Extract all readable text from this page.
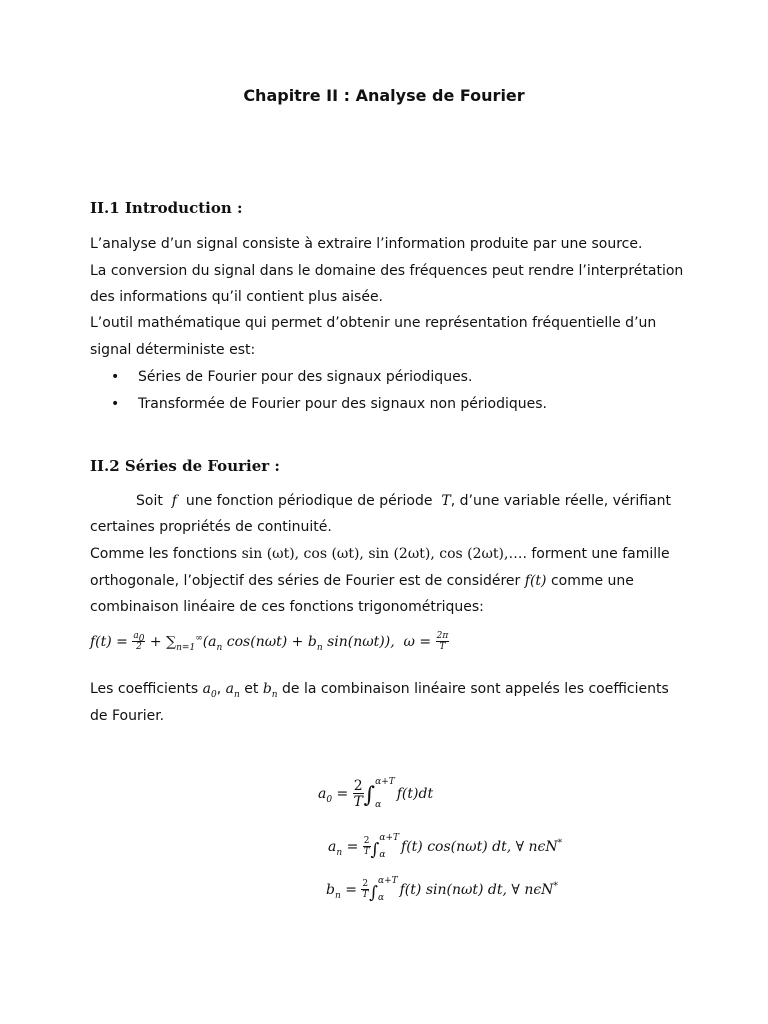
Chapitre II : Analyse de Fourier
II.1 Introduction :
L’analyse d’un signal consiste à extraire l’information produite par une source.
La conversion du signal dans le domaine des fréquences peut rendre l’interprétation
des informations qu’il contient plus aisée.
L’outil mathématique qui permet d’obtenir une représentation fréquentielle d’un
signal déterministe est:
• Séries de Fourier pour des signaux périodiques.
• Transformée de Fourier pour des signaux non périodiques.
II.2 Séries de Fourier :
Soit f une fonction périodique de période T, d’une variable réelle, vérifiant
certaines propriétés de continuité.
Comme les fonctions sin (ωt), cos (ωt), sin (2ωt), cos (2ωt),…. forment une famille
orthogonale, l’objectif des séries de Fourier est de considérer f(t) comme une
combinaison linéaire de ces fonctions trigonométriques:
$f(t) = \frac{a_0}{2} + \sum_{n=1}^\infty(a_n$ $\cos(n\omega t) + b_n$ sin(nωt)),  $\omega = \frac{2\pi}{T}$
Les coefficients $a_0$, $a_n$ et $b_n$ de la combinaison linéaire sont appelés les coefficients
de Fourier.
$a_0 = \frac{2}{T}$ ∫
α+T
α
f(t)dt
$a_n = \frac{2}{T}$ ∫
α+T
α	f(t) cos(nωt) dt, ∀ nϵN*
$b_n = \frac{2}{T}$ ∫
α+T
α	f(t) sin(nωt) dt, ∀ nϵN*
